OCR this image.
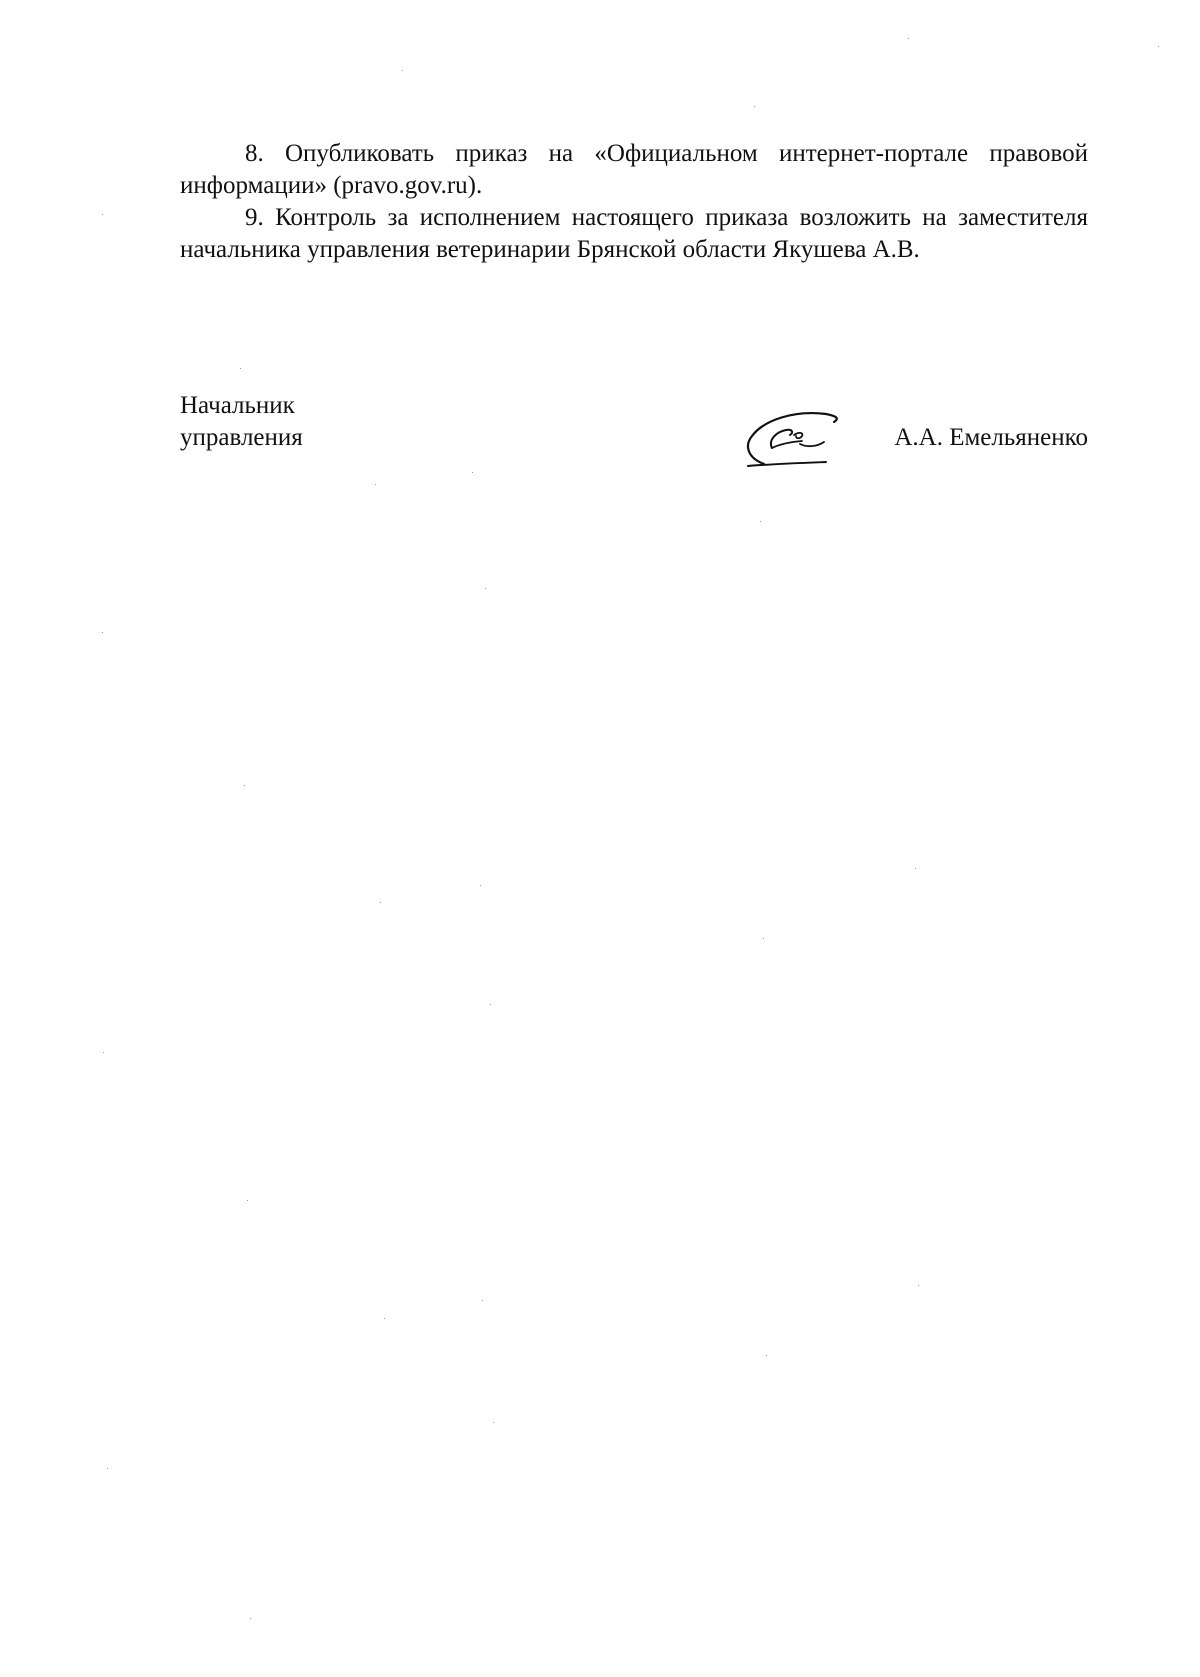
8. Опубликовать приказ на «Официальном интернет-портале правовой информации» (pravo.gov.ru).

9. Контроль за исполнением настоящего приказа возложить на заместителя начальника управления ветеринарии Брянской области Якушева А.В.

Начальник
управления	А.А. Емельяненко
